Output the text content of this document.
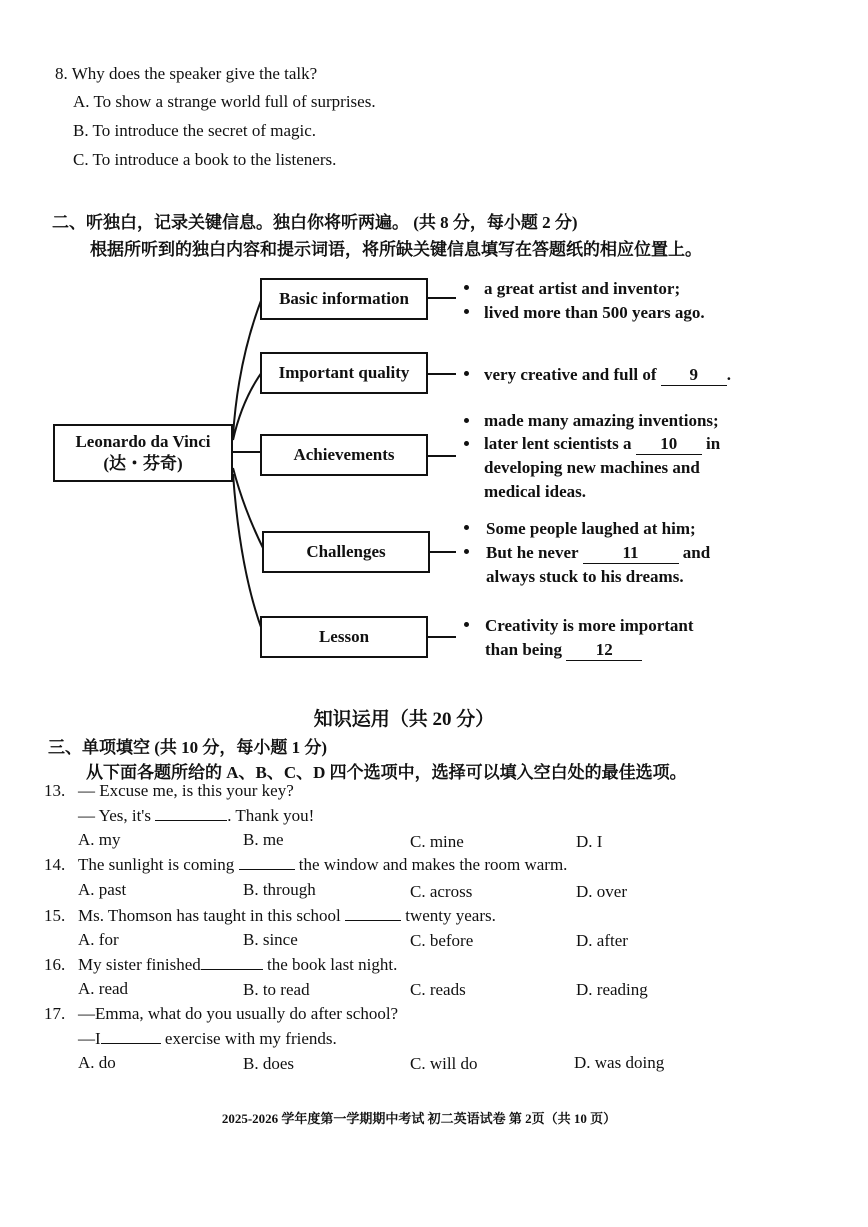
8. Why does the speaker give the talk?
A. To show a strange world full of surprises.
B. To introduce the secret of magic.
C. To introduce a book to the listeners.
二、听独白，记录关键信息。独白你将听两遍。 (共 8 分，每小题 2 分)
根据所听到的独白内容和提示词语，将所缺关键信息填写在答题纸的相应位置上。
Leonardo da Vinci
(达・芬奇)
Basic information
Important quality
Achievements
Challenges
Lesson
a great artist and inventor;
lived more than 500 years ago.
very creative and full of 9 .
made many amazing inventions;
later lent scientists a 10 in
developing new machines and
medical ideas.
Some people laughed at him;
But he never	11	and
always stuck to his dreams.
Creativity is more important
than being 12
知识运用（共 20 分）
三、单项填空 (共 10 分，每小题 1 分)
从下面各题所给的 A、B、C、D 四个选项中，选择可以填入空白处的最佳选项。
13. — Excuse me, is this your key?
— Yes, it's	. Thank you!
A. my	B. me	C. mine	D. I
14. The sunlight is coming	the window and makes the room warm.
A. past	B. through	C. across	D. over
15. Ms. Thomson has taught in this school	twenty years.
A. for	B. since	C. before	D. after
16. My sister finished	the book last night.
A. read	B. to read	C. reads	D. reading
17. —Emma, what do you usually do after school?
—I	exercise with my friends.
A. do	B. does	C. will do	D. was doing
2025-2026 学年度第一学期期中考试 初二英语试卷 第 2页（共 10 页）
